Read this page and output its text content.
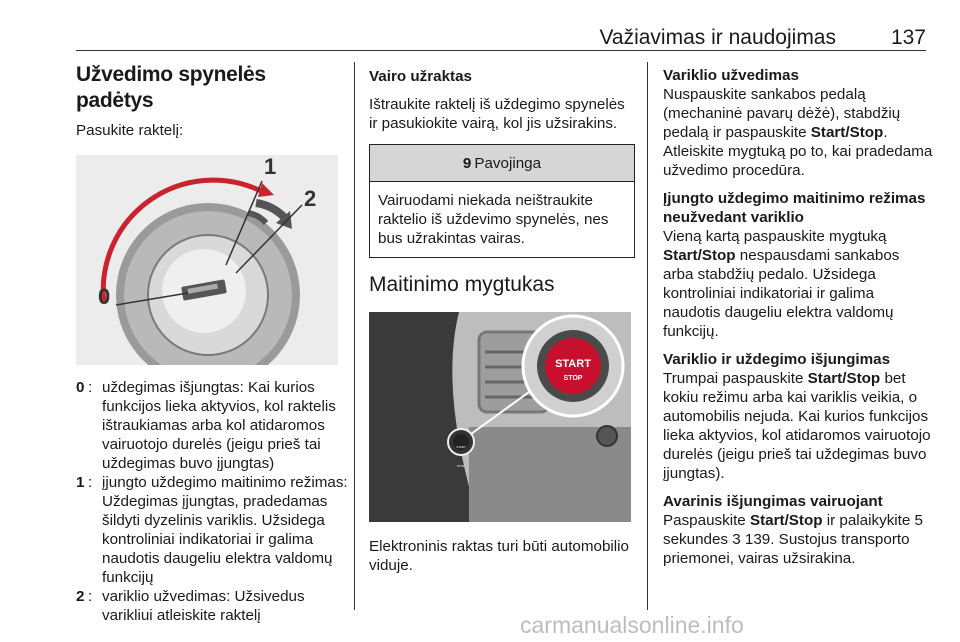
Važiavimas ir naudojimas	137
Užvedimo spynelės padėtys

Pasukite raktelį:

0
1
2
0 : uždegimas išjungtas: Kai kurios funkcijos lieka aktyvios, kol raktelis ištraukiamas arba kol atidaromos vairuotojo durelės (jeigu prieš tai uždegimas buvo įjungtas)
1 : įjungto uždegimo maitinimo režimas: Uždegimas įjungtas, pradedamas šildyti dyzelinis variklis. Užsidega kontroliniai indikatoriai ir galima naudotis daugeliu elektra valdomų funkcijų
2 : variklio užvedimas: Užsivedus varikliui atleiskite raktelį
Vairo užraktas

Ištraukite raktelį iš uždegimo spynelės ir pasukiokite vairą, kol jis užsirakins.

9 Pavojinga
Vairuodami niekada neištraukite raktelio iš uždevimo spynelės, nes bus užrakintas vairas.
Maitinimo mygtukas
START
STOP
START STOP

Elektroninis raktas turi būti automobilio viduje.

Variklio užvedimas

Nuspauskite sankabos pedalą (mechaninė pavarų dėžė), stabdžių pedalą ir paspauskite Start/Stop. Atleiskite mygtuką po to, kai pradedama užvedimo procedūra.

Įjungto uždegimo maitinimo režimas neužvedant variklio

Vieną kartą paspauskite mygtuką Start/Stop nespausdami sankabos arba stabdžių pedalo. Užsidega kontroliniai indikatoriai ir galima naudotis daugeliu elektra valdomų funkcijų.

Variklio ir uždegimo išjungimas

Trumpai paspauskite Start/Stop bet kokiu režimu arba kai variklis veikia, o automobilis nejuda. Kai kurios funkcijos lieka aktyvios, kol atidaromos vairuotojo durelės (jeigu prieš tai uždegimas buvo įjungtas).

Avarinis išjungimas vairuojant

Paspauskite Start/Stop ir palaikykite 5 sekundes 3 139. Sustojus transporto priemonei, vairas užsirakina.

carmanualsonline.info
